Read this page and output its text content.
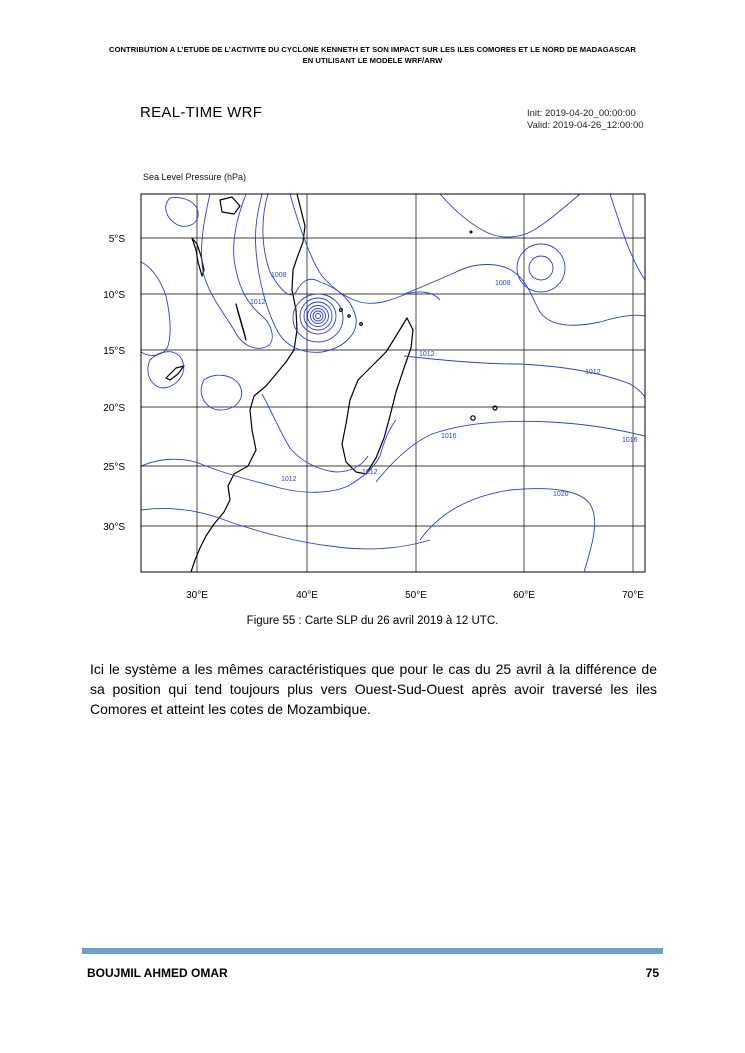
CONTRIBUTION A L’ETUDE DE L’ACTIVITE DU CYCLONE KENNETH ET SON IMPACT SUR LES ILES COMORES ET LE NORD DE MADAGASCAR
EN UTILISANT LE MODELE WRF/ARW
REAL-TIME WRF	Init: 2019-04-20_00:00:00
Valid: 2019-04-26_12:00:00
Sea Level Pressure (hPa)
1008
1012
1008
1012
1012
1016
1016
1012
1012
1020
5°S
10°S
15°S
20°S
25°S
30°S
30°E	40°E	50°E	60°E	70°E
Figure 55 : Carte SLP du 26 avril 2019 à 12 UTC.

Ici le système a les mêmes caractéristiques que pour le cas du 25 avril à la différence de sa position qui tend toujours plus vers Ouest-Sud-Ouest après avoir traversé les iles Comores et atteint les cotes de Mozambique.

BOUJMIL AHMED OMAR	75
